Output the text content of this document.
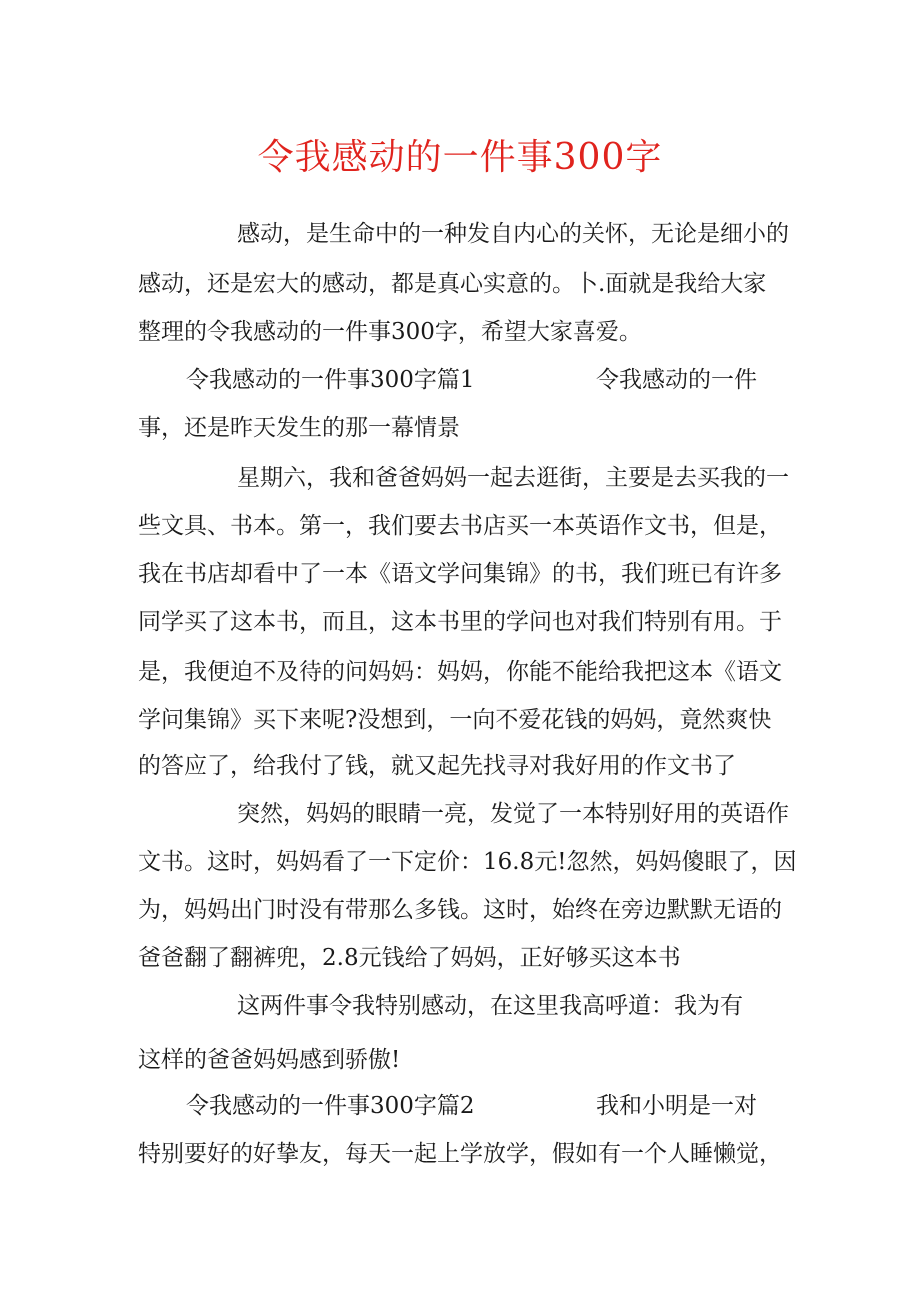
令我感动的一件事300字

感动，是生命中的一种发自内心的关怀，无论是细小的

感动，还是宏大的感动，都是真心实意的。卜.面就是我给大家

整理的令我感动的一件事300字，希望大家喜爱。

令我感动的一件事300字篇1	令我感动的一件

事，还是昨天发生的那一幕情景

星期六，我和爸爸妈妈一起去逛街，主要是去买我的一

些文具、书本。第一，我们要去书店买一本英语作文书，但是，

我在书店却看中了一本《语文学问集锦》的书，我们班已有许多

同学买了这本书，而且，这本书里的学问也对我们特别有用。于

是，我便迫不及待的问妈妈：妈妈，你能不能给我把这本《语文

学问集锦》买下来呢?没想到，一向不爱花钱的妈妈，竟然爽快

的答应了，给我付了钱，就又起先找寻对我好用的作文书了

突然，妈妈的眼睛一亮，发觉了一本特别好用的英语作

文书。这时，妈妈看了一下定价：16.8元!忽然，妈妈傻眼了，因

为，妈妈出门时没有带那么多钱。这时，始终在旁边默默无语的

爸爸翻了翻裤兜，2.8元钱给了妈妈，正好够买这本书

这两件事令我特别感动，在这里我高呼道：我为有

这样的爸爸妈妈感到骄傲!

令我感动的一件事300字篇2	我和小明是一对

特别要好的好挚友，每天一起上学放学，假如有一个人睡懒觉，
